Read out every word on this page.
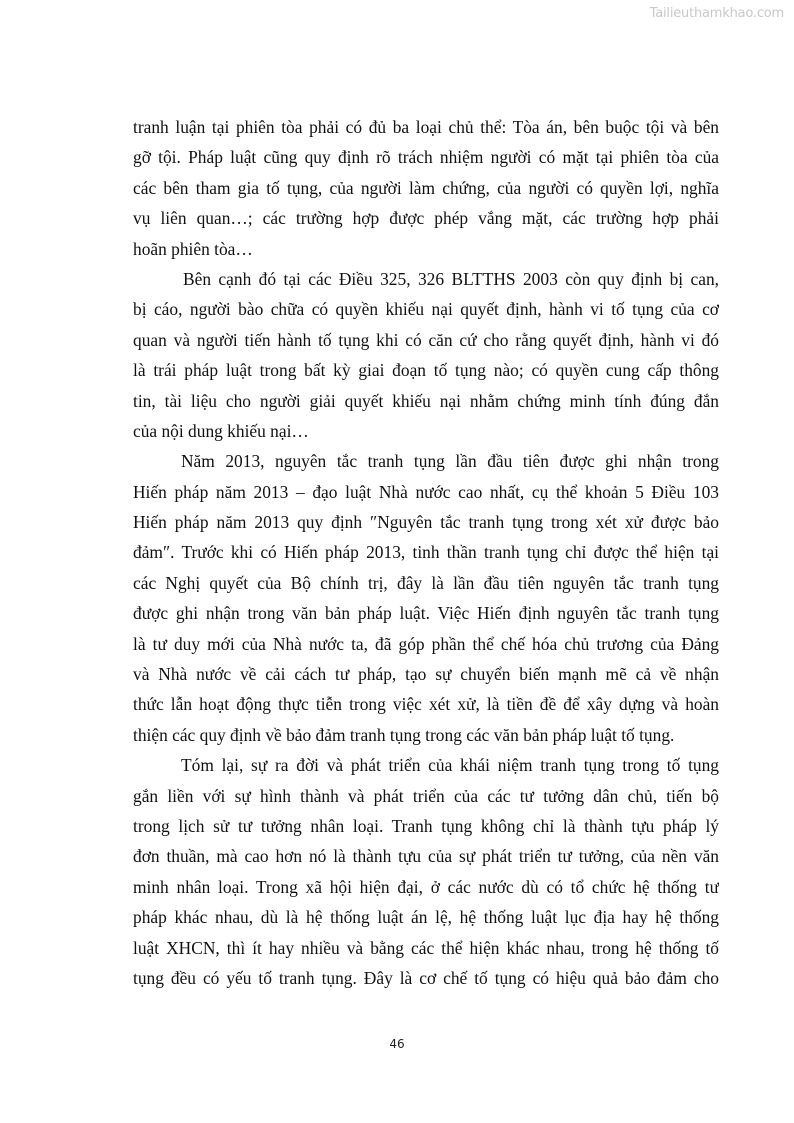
Tailieuthamkhao.com
tranh luận tại phiên tòa phải có đủ ba loại chủ thể: Tòa án, bên buộc tội và bên
gỡ tội. Pháp luật cũng quy định rõ trách nhiệm người có mặt tại phiên tòa của
các bên tham gia tố tụng, của người làm chứng, của người có quyền lợi, nghĩa
vụ liên quan…; các trường hợp được phép vắng mặt, các trường hợp phải
hoãn phiên tòa…
Bên cạnh đó tại các Điều 325, 326 BLTTHS 2003 còn quy định bị can,
bị cáo, người bào chữa có quyền khiếu nại quyết định, hành vi tố tụng của cơ
quan và người tiến hành tố tụng khi có căn cứ cho rằng quyết định, hành vi đó
là trái pháp luật trong bất kỳ giai đoạn tố tụng nào; có quyền cung cấp thông
tin, tài liệu cho người giải quyết khiếu nại nhằm chứng minh tính đúng đắn
của nội dung khiếu nại…
Năm 2013, nguyên tắc tranh tụng lần đầu tiên được ghi nhận trong
Hiến pháp năm 2013 – đạo luật Nhà nước cao nhất, cụ thể khoản 5 Điều 103
Hiến pháp năm 2013 quy định ″Nguyên tắc tranh tụng trong xét xử được bảo
đảm″. Trước khi có Hiến pháp 2013, tinh thần tranh tụng chỉ được thể hiện tại
các Nghị quyết của Bộ chính trị, đây là lần đầu tiên nguyên tắc tranh tụng
được ghi nhận trong văn bản pháp luật. Việc Hiến định nguyên tắc tranh tụng
là tư duy mới của Nhà nước ta, đã góp phần thể chế hóa chủ trương của Đảng
và Nhà nước về cải cách tư pháp, tạo sự chuyển biến mạnh mẽ cả về nhận
thức lẫn hoạt động thực tiễn trong việc xét xử, là tiền đề để xây dựng và hoàn
thiện các quy định về bảo đảm tranh tụng trong các văn bản pháp luật tố tụng.
Tóm lại, sự ra đời và phát triển của khái niệm tranh tụng trong tố tụng
gắn liền với sự hình thành và phát triển của các tư tưởng dân chủ, tiến bộ
trong lịch sử tư tưởng nhân loại. Tranh tụng không chỉ là thành tựu pháp lý
đơn thuần, mà cao hơn nó là thành tựu của sự phát triển tư tưởng, của nền văn
minh nhân loại. Trong xã hội hiện đại, ở các nước dù có tổ chức hệ thống tư
pháp khác nhau, dù là hệ thống luật án lệ, hệ thống luật lục địa hay hệ thống
luật XHCN, thì ít hay nhiều và bằng các thể hiện khác nhau, trong hệ thống tố
tụng đều có yếu tố tranh tụng. Đây là cơ chế tố tụng có hiệu quả bảo đảm cho
46
